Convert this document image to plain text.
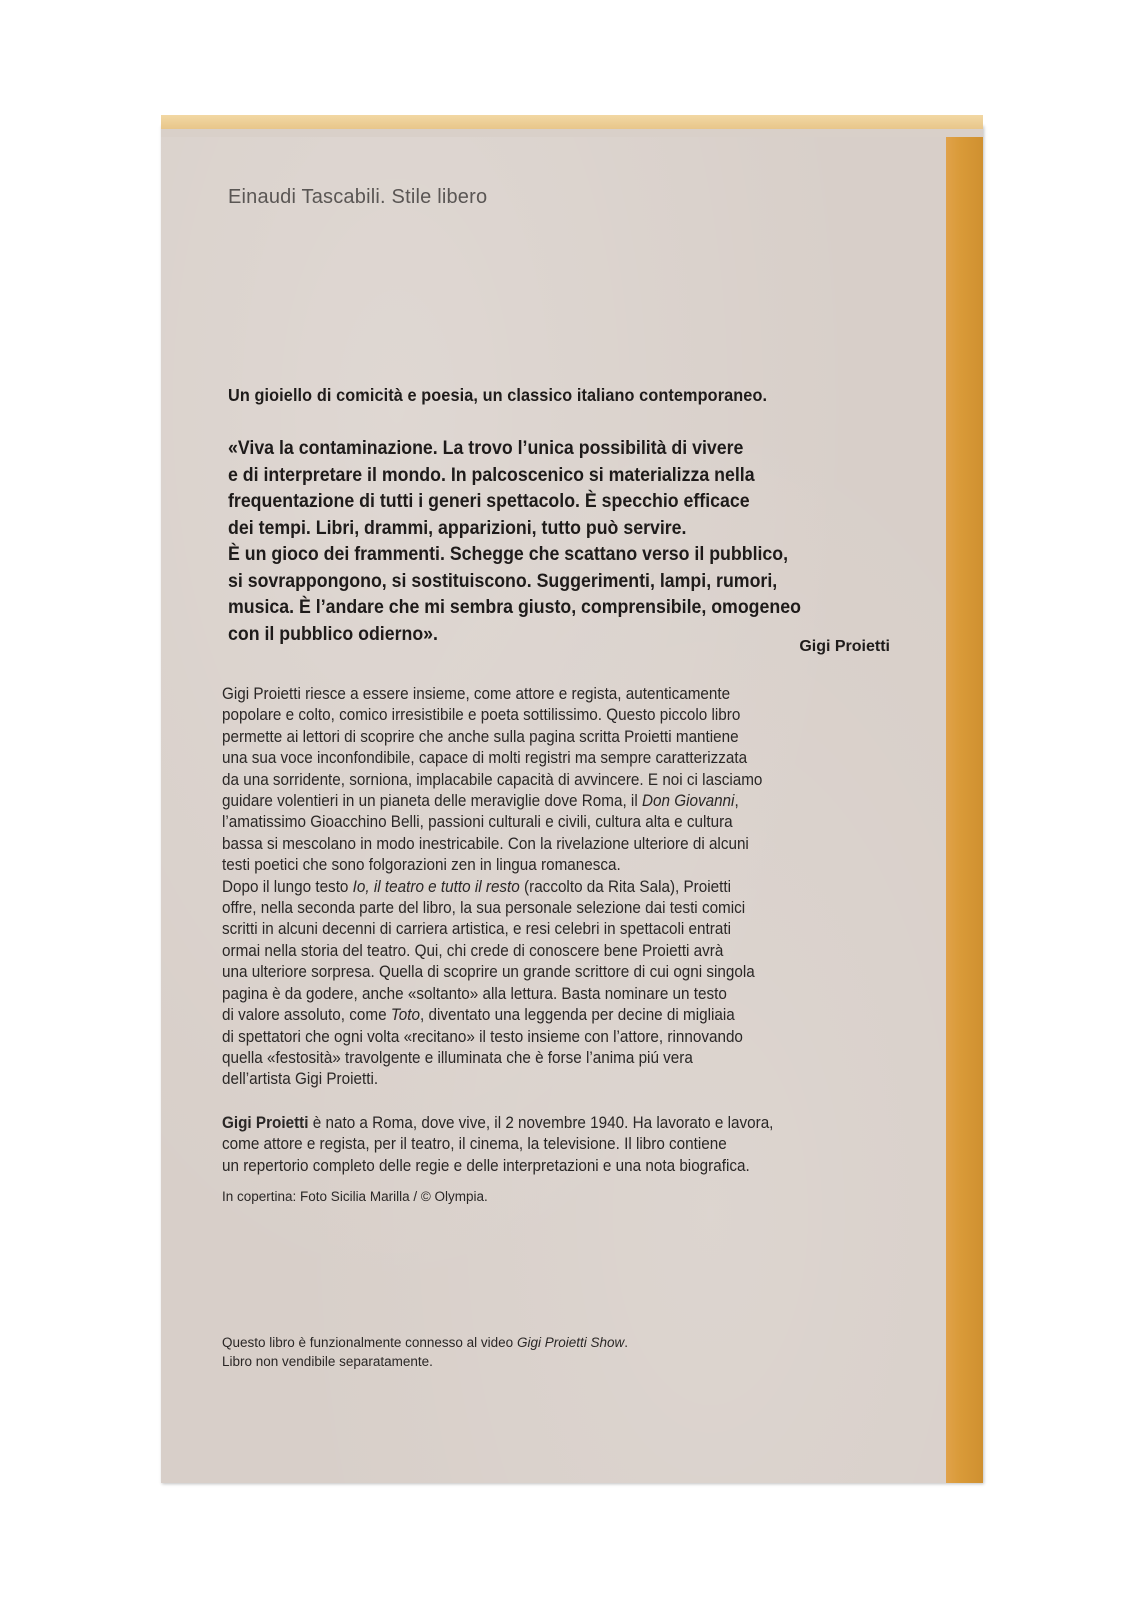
Einaudi Tascabili. Stile libero
Un gioiello di comicità e poesia, un classico italiano contemporaneo.
«Viva la contaminazione. La trovo l’unica possibilità di vivere
e di interpretare il mondo. In palcoscenico si materializza nella
frequentazione di tutti i generi spettacolo. È specchio efficace
dei tempi. Libri, drammi, apparizioni, tutto può servire.
È un gioco dei frammenti. Schegge che scattano verso il pubblico,
si sovrappongono, si sostituiscono. Suggerimenti, lampi, rumori,
musica. È l’andare che mi sembra giusto, comprensibile, omogeneo
con il pubblico odierno».
Gigi Proietti
Gigi Proietti riesce a essere insieme, come attore e regista, autenticamente
popolare e colto, comico irresistibile e poeta sottilissimo. Questo piccolo libro
permette ai lettori di scoprire che anche sulla pagina scritta Proietti mantiene
una sua voce inconfondibile, capace di molti registri ma sempre caratterizzata
da una sorridente, sorniona, implacabile capacità di avvincere. E noi ci lasciamo
guidare volentieri in un pianeta delle meraviglie dove Roma, il Don Giovanni,
l’amatissimo Gioacchino Belli, passioni culturali e civili, cultura alta e cultura
bassa si mescolano in modo inestricabile. Con la rivelazione ulteriore di alcuni
testi poetici che sono folgorazioni zen in lingua romanesca.
Dopo il lungo testo Io, il teatro e tutto il resto (raccolto da Rita Sala), Proietti
offre, nella seconda parte del libro, la sua personale selezione dai testi comici
scritti in alcuni decenni di carriera artistica, e resi celebri in spettacoli entrati
ormai nella storia del teatro. Qui, chi crede di conoscere bene Proietti avrà
una ulteriore sorpresa. Quella di scoprire un grande scrittore di cui ogni singola
pagina è da godere, anche «soltanto» alla lettura. Basta nominare un testo
di valore assoluto, come Toto, diventato una leggenda per decine di migliaia
di spettatori che ogni volta «recitano» il testo insieme con l’attore, rinnovando
quella «festosità» travolgente e illuminata che è forse l’anima piú vera
dell’artista Gigi Proietti.
Gigi Proietti è nato a Roma, dove vive, il 2 novembre 1940. Ha lavorato e lavora,
come attore e regista, per il teatro, il cinema, la televisione. Il libro contiene
un repertorio completo delle regie e delle interpretazioni e una nota biografica.
In copertina: Foto Sicilia Marilla / © Olympia.
Questo libro è funzionalmente connesso al video Gigi Proietti Show.
Libro non vendibile separatamente.
